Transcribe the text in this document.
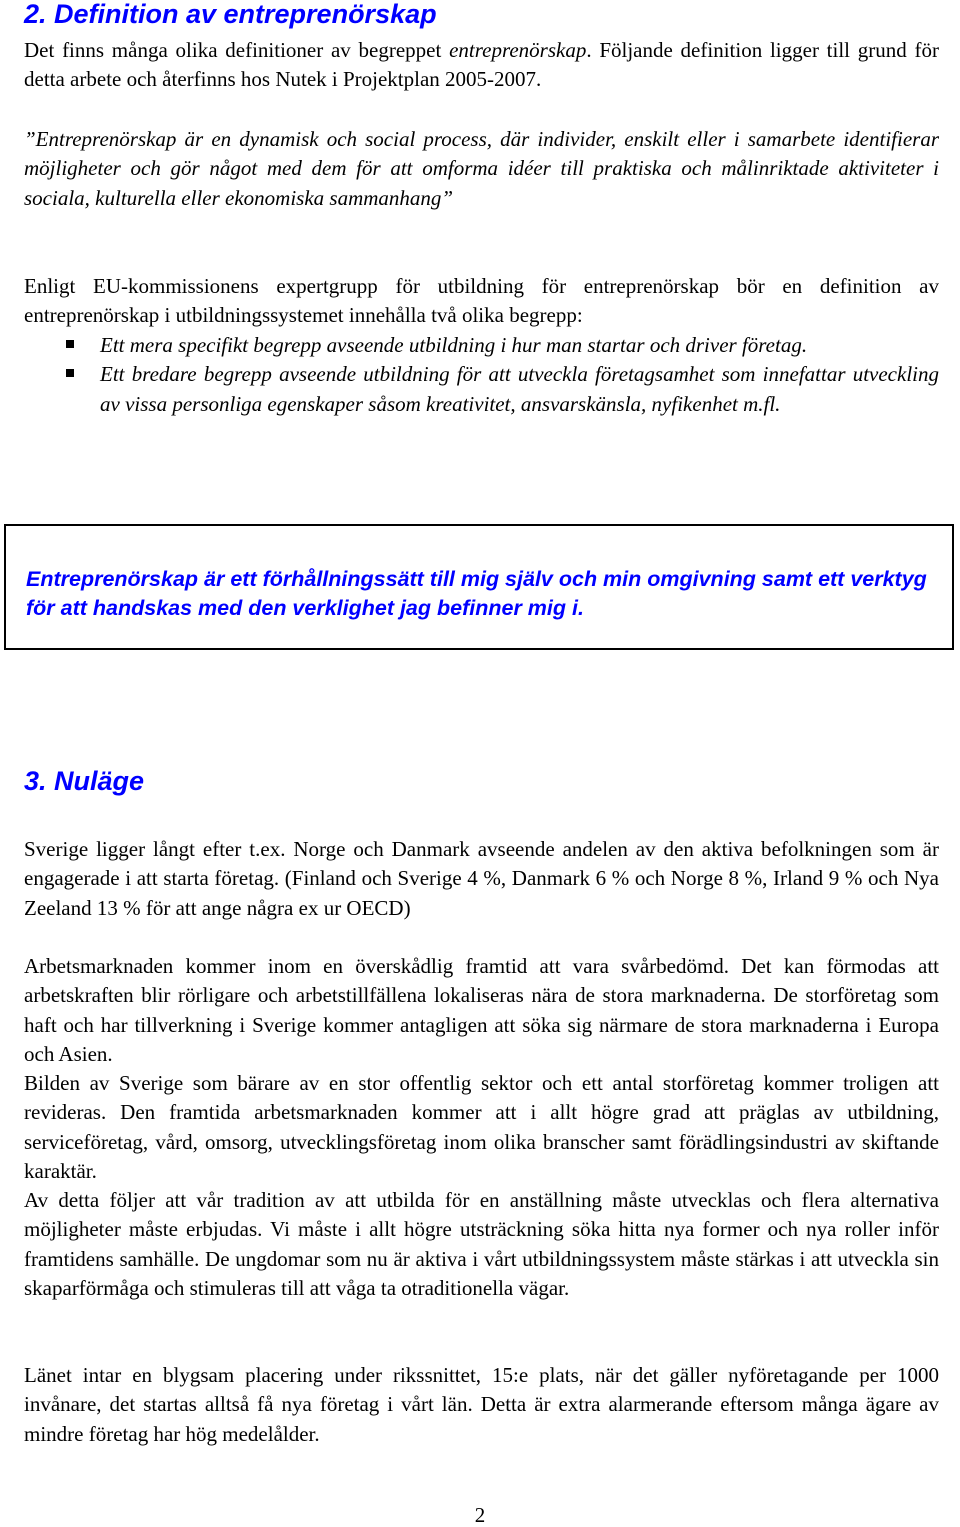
2. Definition av entreprenörskap

Det finns många olika definitioner av begreppet entreprenörskap. Följande definition ligger till grund för detta arbete och återfinns hos Nutek i Projektplan 2005-2007.

”Entreprenörskap är en dynamisk och social process, där individer, enskilt eller i samarbete identifierar möjligheter och gör något med dem för att omforma idéer till praktiska och målinriktade aktiviteter i sociala, kulturella eller ekonomiska sammanhang”

Enligt EU-kommissionens expertgrupp för utbildning för entreprenörskap bör en definition av entreprenörskap i utbildningssystemet innehålla två olika begrepp:

Ett mera specifikt begrepp avseende utbildning i hur man startar och driver företag.
Ett bredare begrepp avseende utbildning för att utveckla företagsamhet som innefattar utveckling av vissa personliga egenskaper såsom kreativitet, ansvarskänsla, nyfikenhet m.fl.

Entreprenörskap är ett förhållningssätt till mig själv och min omgivning samt ett verktyg för att handskas med den verklighet jag befinner mig i.

3. Nuläge

Sverige ligger långt efter t.ex. Norge och Danmark avseende andelen av den aktiva befolkningen som är engagerade i att starta företag. (Finland och Sverige 4 %, Danmark 6 % och Norge 8 %, Irland 9 % och Nya Zeeland 13 % för att ange några ex ur OECD)

Arbetsmarknaden kommer inom en överskådlig framtid att vara svårbedömd. Det kan förmodas att arbetskraften blir rörligare och arbetstillfällena lokaliseras nära de stora marknaderna. De storföretag som haft och har tillverkning i Sverige kommer antagligen att söka sig närmare de stora marknaderna i Europa och Asien.

Bilden av Sverige som bärare av en stor offentlig sektor och ett antal storföretag kommer troligen att revideras. Den framtida arbetsmarknaden kommer att i allt högre grad att präglas av utbildning, serviceföretag, vård, omsorg, utvecklingsföretag inom olika branscher samt förädlingsindustri av skiftande karaktär.

Av detta följer att vår tradition av att utbilda för en anställning måste utvecklas och flera alternativa möjligheter måste erbjudas. Vi måste i allt högre utsträckning söka hitta nya former och nya roller inför framtidens samhälle. De ungdomar som nu är aktiva i vårt utbildningssystem måste stärkas i att utveckla sin skaparförmåga och stimuleras till att våga ta otraditionella vägar.

Länet intar en blygsam placering under rikssnittet, 15:e plats, när det gäller nyföretagande per 1000 invånare, det startas alltså få nya företag i vårt län. Detta är extra alarmerande eftersom många ägare av mindre företag har hög medelålder.

2
